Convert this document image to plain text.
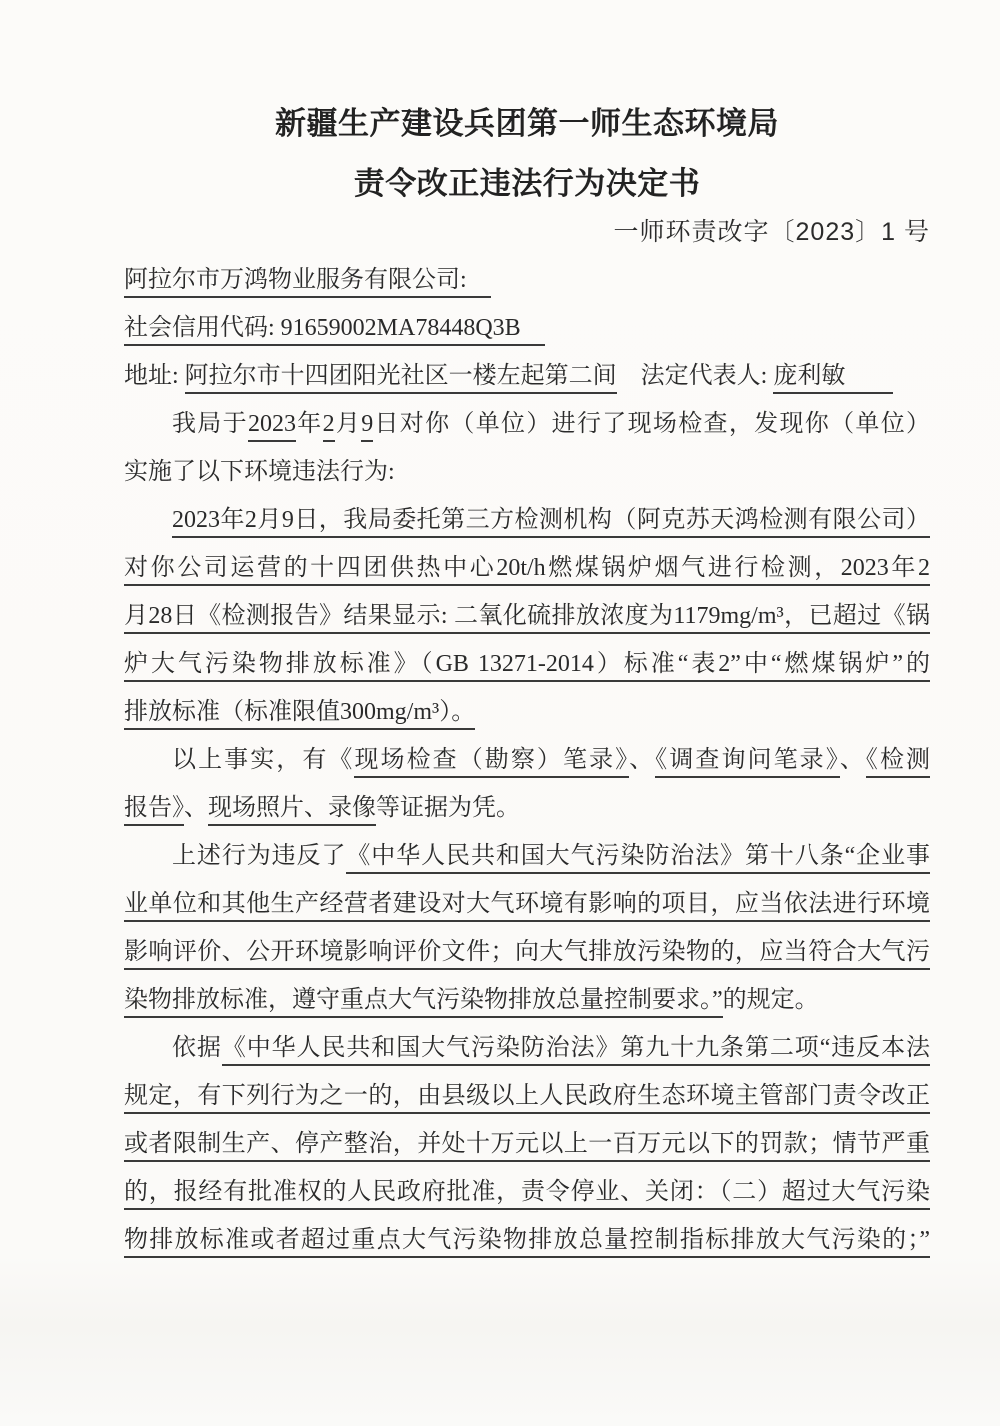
新疆生产建设兵团第一师生态环境局
责令改正违法行为决定书
一师环责改字〔2023〕1 号
阿拉尔市万鸿物业服务有限公司:　
社会信用代码: 91659002MA78448Q3B　
地址: 阿拉尔市十四团阳光社区一楼左起第二间　 法定代表人: 庞利敏　　
我局于2023年2月9日对你（单位）进行了现场检查，发现你（单位）
实施了以下环境违法行为:
2023年2月9日，我局委托第三方检测机构（阿克苏天鸿检测有限公司）
对你公司运营的十四团供热中心20t/h燃煤锅炉烟气进行检测，2023年2
月28日《检测报告》结果显示: 二氧化硫排放浓度为1179mg/m³，已超过《锅
炉大气污染物排放标准》（GB 13271-2014）标准“表2”中“燃煤锅炉”的
排放标准（标准限值300mg/m³）。
以上事实，有《现场检查（勘察）笔录》、《调查询问笔录》、《检测
报告》、现场照片、录像等证据为凭。
上述行为违反了《中华人民共和国大气污染防治法》第十八条“企业事
业单位和其他生产经营者建设对大气环境有影响的项目，应当依法进行环境
影响评价、公开环境影响评价文件；向大气排放污染物的，应当符合大气污
染物排放标准，遵守重点大气污染物排放总量控制要求。”的规定。
依据《中华人民共和国大气污染防治法》第九十九条第二项“违反本法
规定，有下列行为之一的，由县级以上人民政府生态环境主管部门责令改正
或者限制生产、停产整治，并处十万元以上一百万元以下的罚款；情节严重
的，报经有批准权的人民政府批准，责令停业、关闭：（二）超过大气污染
物排放标准或者超过重点大气污染物排放总量控制指标排放大气污染的；”
